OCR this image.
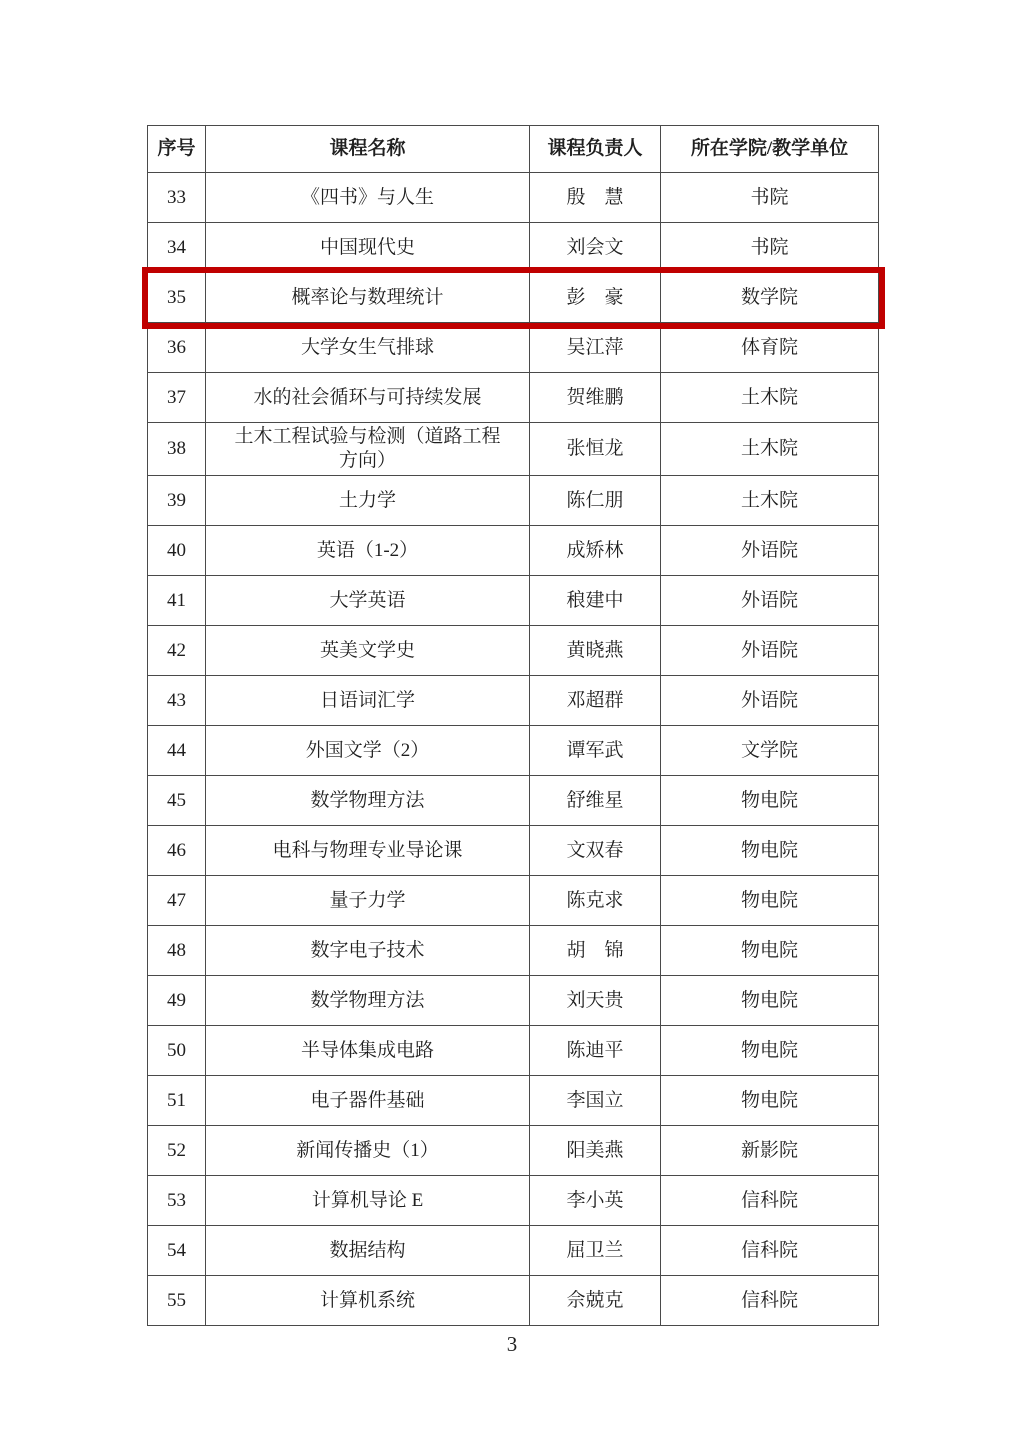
序号	课程名称	课程负责人	所在学院/教学单位
33	《四书》与人生	殷　慧	书院
34	中国现代史	刘会文	书院
35	概率论与数理统计	彭　豪	数学院
36	大学女生气排球	吴江萍	体育院
37	水的社会循环与可持续发展	贺维鹏	土木院
38	土木工程试验与检测（道路工程方向）	张恒龙	土木院
39	土力学	陈仁朋	土木院
40	英语（1-2）	成矫林	外语院
41	大学英语	稂建中	外语院
42	英美文学史	黄晓燕	外语院
43	日语词汇学	邓超群	外语院
44	外国文学（2）	谭军武	文学院
45	数学物理方法	舒维星	物电院
46	电科与物理专业导论课	文双春	物电院
47	量子力学	陈克求	物电院
48	数字电子技术	胡　锦	物电院
49	数学物理方法	刘天贵	物电院
50	半导体集成电路	陈迪平	物电院
51	电子器件基础	李国立	物电院
52	新闻传播史（1）	阳美燕	新影院
53	计算机导论 E	李小英	信科院
54	数据结构	屈卫兰	信科院
55	计算机系统	佘兢克	信科院
3
